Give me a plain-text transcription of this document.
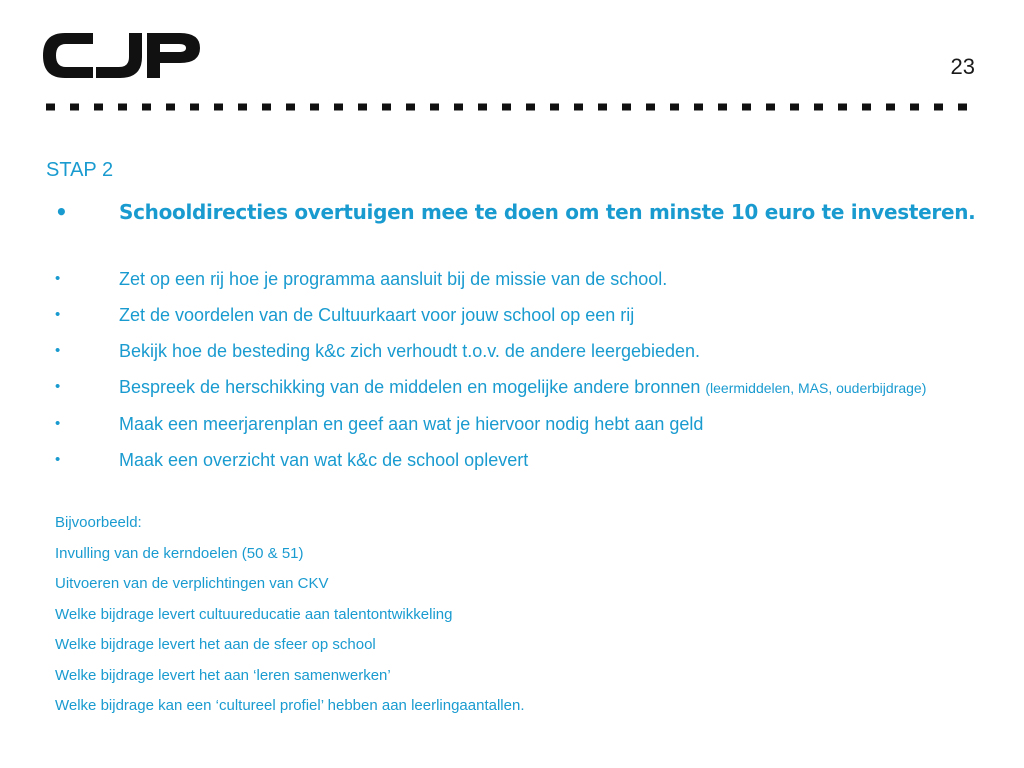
23
STAP 2
•	Schooldirecties overtuigen mee te doen om ten minste 10 euro te investeren.
•	Zet op een rij hoe je programma aansluit bij de missie van de school.
•	Zet de voordelen van de Cultuurkaart voor jouw school op een rij
•	Bekijk hoe de besteding k&c zich verhoudt t.o.v. de andere leergebieden.
•	Bespreek de herschikking van de middelen en mogelijke andere bronnen (leermiddelen, MAS, ouderbijdrage)
•	Maak een meerjarenplan en geef aan wat je hiervoor nodig hebt aan geld
•	Maak een overzicht van wat k&c de school oplevert
Bijvoorbeeld:
Invulling van de kerndoelen (50 & 51)
Uitvoeren van de verplichtingen van CKV
Welke bijdrage levert cultuureducatie aan talentontwikkeling
Welke bijdrage levert het aan de sfeer op school
Welke bijdrage levert het aan ‘leren samenwerken’
Welke bijdrage kan een ‘cultureel profiel’ hebben aan leerlingaantallen.
